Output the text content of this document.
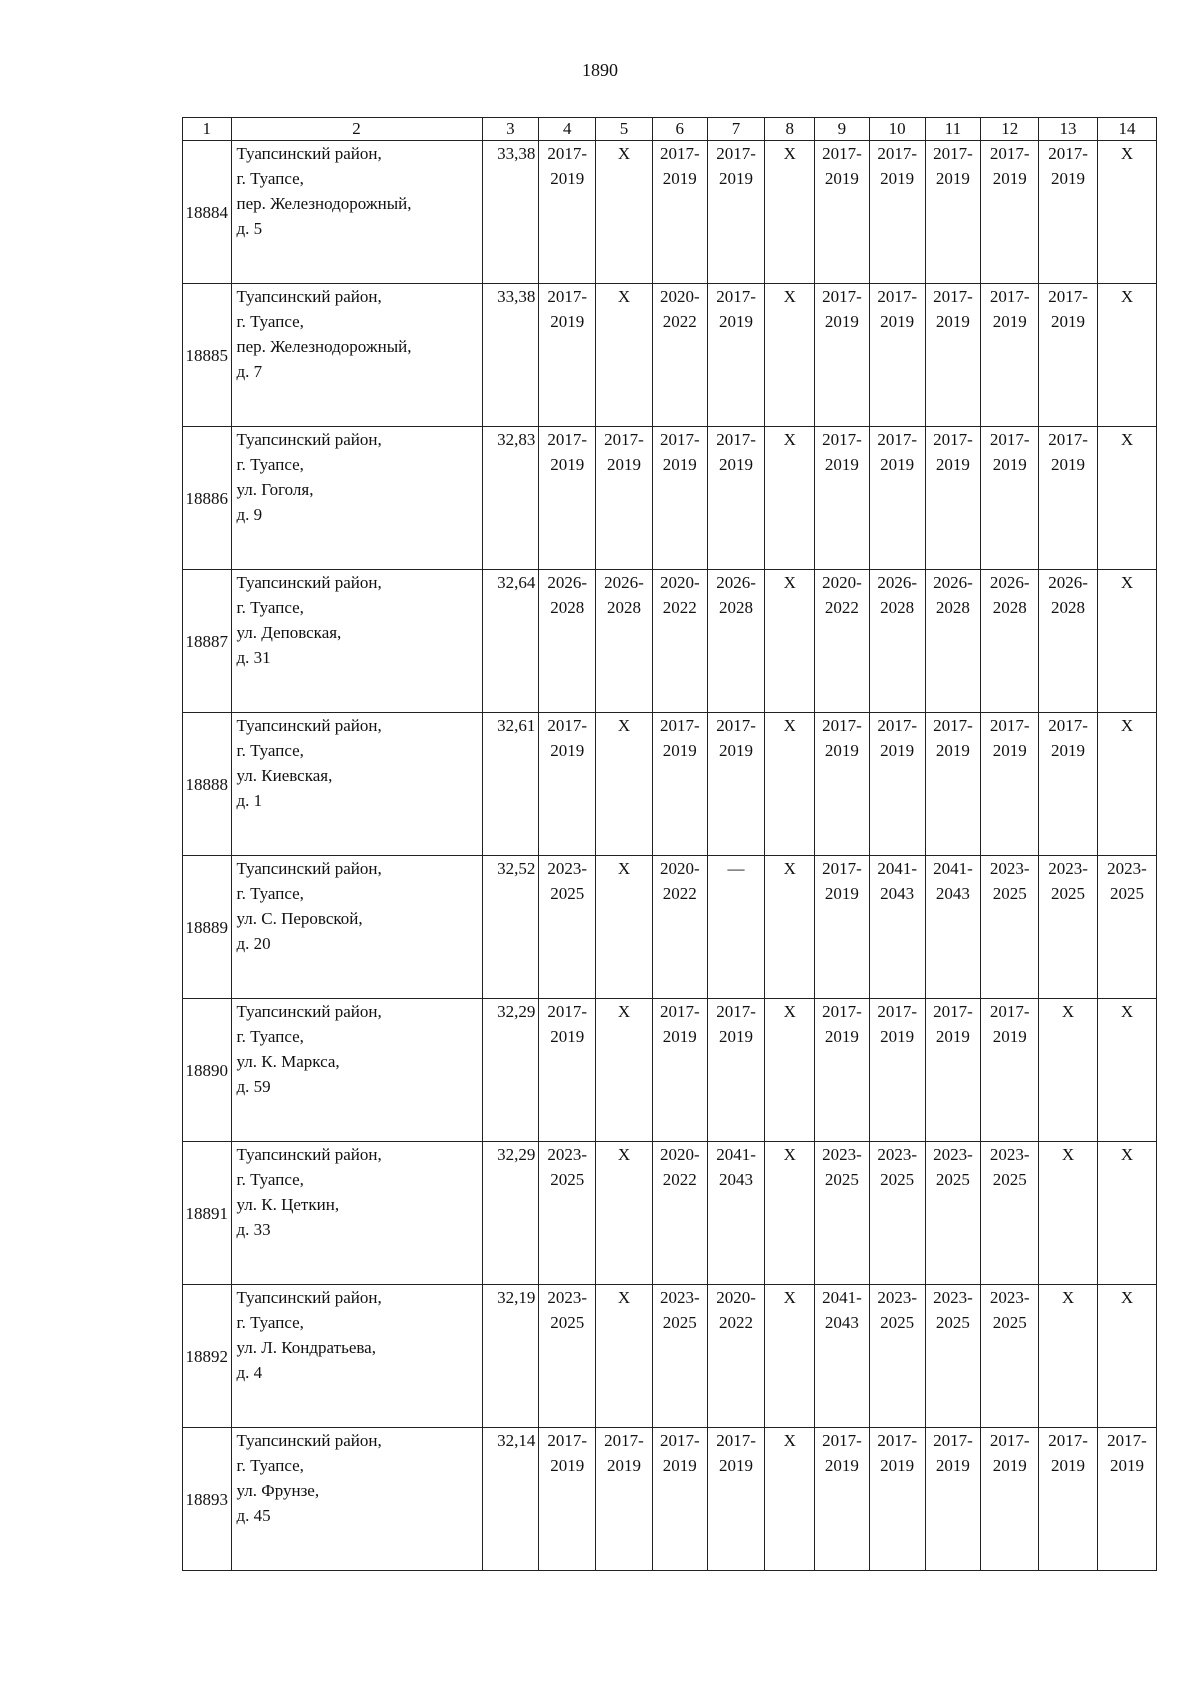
1890
1	2	3	4	5	6	7	8	9	10	11	12	13	14
18884	Туапсинский район,
г. Туапсе,
пер. Железнодорожный,
д. 5	33,38	2017-
2019	X	2017-
2019	2017-
2019	X	2017-
2019	2017-
2019	2017-
2019	2017-
2019	2017-
2019	X
18885	Туапсинский район,
г. Туапсе,
пер. Железнодорожный,
д. 7	33,38	2017-
2019	X	2020-
2022	2017-
2019	X	2017-
2019	2017-
2019	2017-
2019	2017-
2019	2017-
2019	X
18886	Туапсинский район,
г. Туапсе,
ул. Гоголя,
д. 9	32,83	2017-
2019	2017-
2019	2017-
2019	2017-
2019	X	2017-
2019	2017-
2019	2017-
2019	2017-
2019	2017-
2019	X
18887	Туапсинский район,
г. Туапсе,
ул. Деповская,
д. 31	32,64	2026-
2028	2026-
2028	2020-
2022	2026-
2028	X	2020-
2022	2026-
2028	2026-
2028	2026-
2028	2026-
2028	X
18888	Туапсинский район,
г. Туапсе,
ул. Киевская,
д. 1	32,61	2017-
2019	X	2017-
2019	2017-
2019	X	2017-
2019	2017-
2019	2017-
2019	2017-
2019	2017-
2019	X
18889	Туапсинский район,
г. Туапсе,
ул. С. Перовской,
д. 20	32,52	2023-
2025	X	2020-
2022	—	X	2017-
2019	2041-
2043	2041-
2043	2023-
2025	2023-
2025	2023-
2025

18890	Туапсинский район,
г. Туапсе,
ул. К. Маркса,
д. 59	32,29	2017-
2019	X	2017-
2019	2017-
2019	X	2017-
2019	2017-
2019	2017-
2019	2017-
2019	X	X
18891	Туапсинский район,
г. Туапсе,
ул. К. Цеткин,
д. 33	32,29	2023-
2025	X	2020-
2022	2041-
2043	X	2023-
2025	2023-
2025	2023-
2025	2023-
2025	X	X
18892	Туапсинский район,
г. Туапсе,
ул. Л. Кондратьева,
д. 4	32,19	2023-
2025	X	2023-
2025	2020-
2022	X	2041-
2043	2023-
2025	2023-
2025	2023-
2025	X	X
18893	Туапсинский район,
г. Туапсе,
ул. Фрунзе,
д. 45	32,14	2017-
2019	2017-
2019	2017-
2019	2017-
2019	X	2017-
2019	2017-
2019	2017-
2019	2017-
2019	2017-
2019	2017-
2019
